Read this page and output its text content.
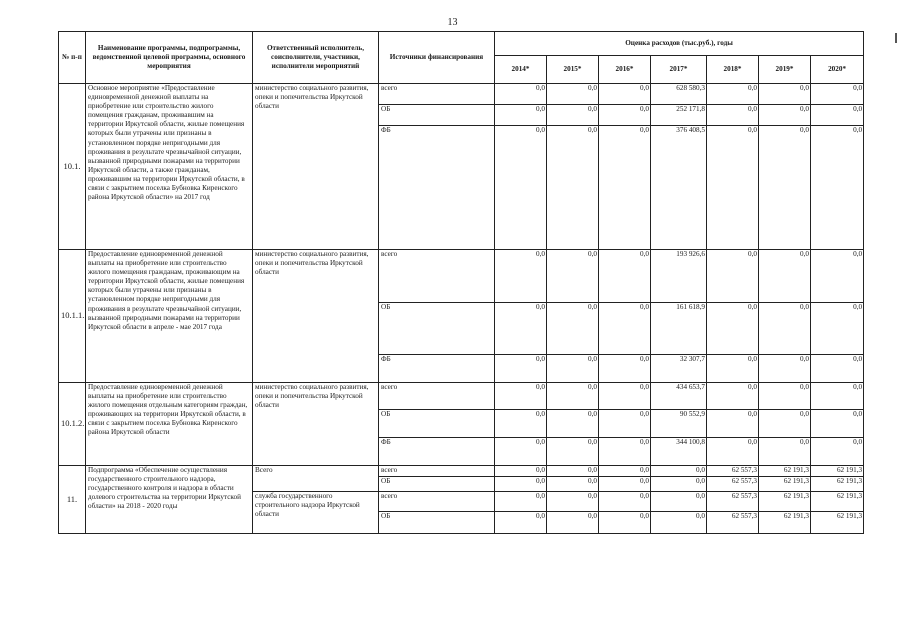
13
№ п-п	Наименование программы, подпрограммы, ведомственной целевой программы, основного мероприятия	Ответственный исполнитель, соисполнители, участники, исполнители мероприятий	Источники финансирования	Оценка расходов (тыс.руб.), годы						
				2014*	2015*	2016*	2017*	2018*	2019*	2020*
10.1.	Основное мероприятие «Предоставление единовременной денежной выплаты на приобретение или строительство жилого помещения гражданам, проживавшим на территории Иркутской области, жилые помещения которых были утрачены или признаны в установленном порядке непригодными для проживания в результате чрезвычайной ситуации, вызванной природными пожарами на территории Иркутской области, а также гражданам, проживавшим на территории Иркутской области, в связи с закрытием поселка Бубновка Киренского района Иркутской области» на 2017 год	министерство социального развития, опеки и попечительства Иркутской области	всего	0,0	0,0	0,0	628 580,3	0,0	0,0	0,0
			ОБ	0,0	0,0	0,0	252 171,8	0,0	0,0	0,0
			ФБ	0,0	0,0	0,0	376 408,5	0,0	0,0	0,0
10.1.1.	Предоставление единовременной денежной выплаты на приобретение или строительство жилого помещения гражданам, проживающим на территории Иркутской области, жилые помещения которых были утрачены или признаны в установленном порядке непригодными для проживания в результате чрезвычайной ситуации, вызванной природными пожарами на территории Иркутской области в апреле - мае 2017 года	министерство социального развития, опеки и попечительства Иркутской области	всего	0,0	0,0	0,0	193 926,6	0,0	0,0	0,0
			ОБ	0,0	0,0	0,0	161 618,9	0,0	0,0	0,0
			ФБ	0,0	0,0	0,0	32 307,7	0,0	0,0	0,0
10.1.2.	Предоставление единовременной денежной выплаты на приобретение или строительство жилого помещения отдельным категориям граждан, проживающих на территории Иркутской области, в связи с закрытием поселка Бубновка Киренского района Иркутской области	министерство социального развития, опеки и попечительства Иркутской области	всего	0,0	0,0	0,0	434 653,7	0,0	0,0	0,0
			ОБ	0,0	0,0	0,0	90 552,9	0,0	0,0	0,0
			ФБ	0,0	0,0	0,0	344 100,8	0,0	0,0	0,0
11.	Подпрограмма «Обеспечение осуществления государственного строительного надзора, государственного контроля и надзора в области долевого строительства на территории Иркутской области» на 2018 - 2020 годы	Всего	всего	0,0	0,0	0,0	0,0	62 557,3	62 191,3	62 191,3
			ОБ	0,0	0,0	0,0	0,0	62 557,3	62 191,3	62 191,3
		служба государственного строительного надзора Иркутской области	всего	0,0	0,0	0,0	0,0	62 557,3	62 191,3	62 191,3
			ОБ	0,0	0,0	0,0	0,0	62 557,3	62 191,3	62 191,3
